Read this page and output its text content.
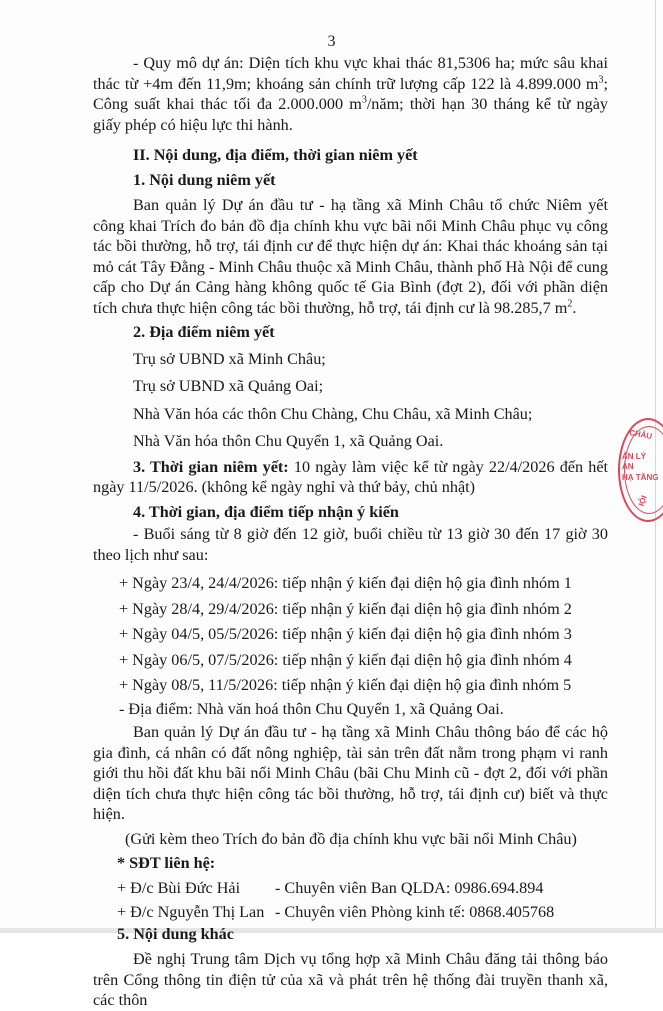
3

- Quy mô dự án: Diện tích khu vực khai thác 81,5306 ha; mức sâu khai thác từ +4m đến 11,9m; khoáng sản chính trữ lượng cấp 122 là 4.899.000 $m^3$; Công suất khai thác tối đa 2.000.000 $m^3$/năm; thời hạn 30 tháng kể từ ngày giấy phép có hiệu lực thi hành.

II. Nội dung, địa điểm, thời gian niêm yết

1. Nội dung niêm yết

Ban quản lý Dự án đầu tư - hạ tầng xã Minh Châu tổ chức Niêm yết công khai Trích đo bản đồ địa chính khu vực bãi nổi Minh Châu phục vụ công tác bồi thường, hỗ trợ, tái định cư để thực hiện dự án: Khai thác khoáng sản tại mỏ cát Tây Đằng - Minh Châu thuộc xã Minh Châu, thành phố Hà Nội để cung cấp cho Dự án Cảng hàng không quốc tế Gia Bình (đợt 2), đối với phần diện tích chưa thực hiện công tác bồi thường, hỗ trợ, tái định cư là 98.285,7 $m^2$.

2. Địa điểm niêm yết

Trụ sở UBND xã Minh Châu;

Trụ sở UBND xã Quảng Oai;

Nhà Văn hóa các thôn Chu Chàng, Chu Châu, xã Minh Châu;

Nhà Văn hóa thôn Chu Quyển 1, xã Quảng Oai.

3. Thời gian niêm yết: 10 ngày làm việc kể từ ngày 22/4/2026 đến hết ngày 11/5/2026. (không kể ngày nghỉ và thứ bảy, chủ nhật)

4. Thời gian, địa điểm tiếp nhận ý kiến

- Buổi sáng từ 8 giờ đến 12 giờ, buổi chiều từ 13 giờ 30 đến 17 giờ 30 theo lịch như sau:

+ Ngày 23/4, 24/4/2026: tiếp nhận ý kiến đại diện hộ gia đình nhóm 1

+ Ngày 28/4, 29/4/2026: tiếp nhận ý kiến đại diện hộ gia đình nhóm 2

+ Ngày 04/5, 05/5/2026: tiếp nhận ý kiến đại diện hộ gia đình nhóm 3

+ Ngày 06/5, 07/5/2026: tiếp nhận ý kiến đại diện hộ gia đình nhóm 4

+ Ngày 08/5, 11/5/2026: tiếp nhận ý kiến đại diện hộ gia đình nhóm 5

- Địa điểm: Nhà văn hoá thôn Chu Quyển 1, xã Quảng Oai.

Ban quản lý Dự án đầu tư - hạ tầng xã Minh Châu thông báo để các hộ gia đình, cá nhân có đất nông nghiệp, tài sản trên đất nằm trong phạm vi ranh giới thu hồi đất khu bãi nổi Minh Châu (bãi Chu Minh cũ - đợt 2, đối với phần diện tích chưa thực hiện công tác bồi thường, hỗ trợ, tái định cư) biết và thực hiện.

(Gửi kèm theo Trích đo bản đồ địa chính khu vực bãi nổi Minh Châu)

* SĐT liên hệ:

+ Đ/c Bùi Đức Hải	- Chuyên viên Ban QLDA: 0986.694.894
+ Đ/c Nguyễn Thị Lan - Chuyên viên Phòng kinh tế: 0868.405768

5. Nội dung khác

Đề nghị Trung tâm Dịch vụ tổng hợp xã Minh Châu đăng tải thông báo trên Cổng thông tin điện tử của xã và phát trên hệ thống đài truyền thanh xã, các thôn

CHÂU
ẢN LÝ
ÁN
HẠ TẦNG
IỘI
